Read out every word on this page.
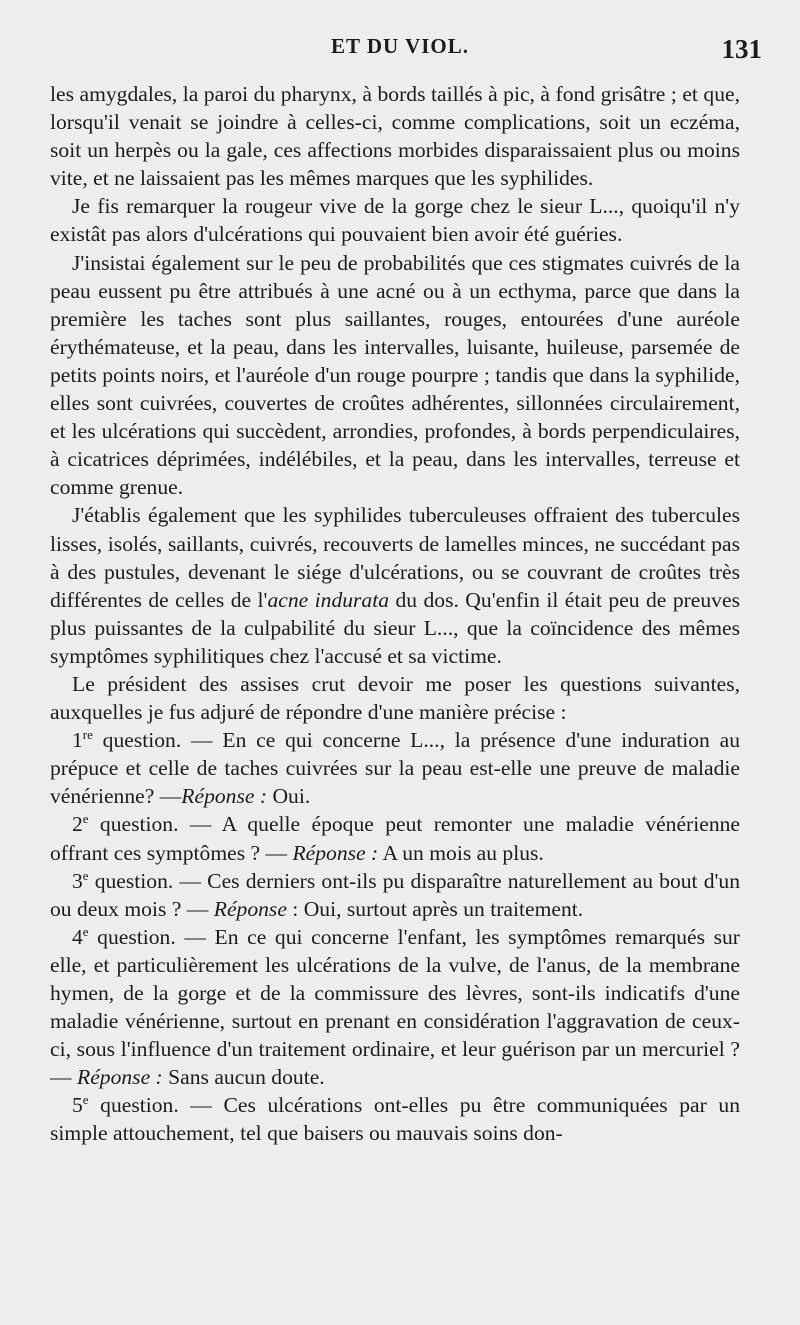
ET DU VIOL.	131

les amygdales, la paroi du pharynx, à bords taillés à pic, à fond grisâtre ; et que, lorsqu'il venait se joindre à celles-ci, comme complications, soit un eczéma, soit un herpès ou la gale, ces affections morbides disparaissaient plus ou moins vite, et ne laissaient pas les mêmes marques que les syphilides.

Je fis remarquer la rougeur vive de la gorge chez le sieur L..., quoiqu'il n'y existât pas alors d'ulcérations qui pouvaient bien avoir été guéries.

J'insistai également sur le peu de probabilités que ces stigmates cuivrés de la peau eussent pu être attribués à une acné ou à un ecthyma, parce que dans la première les taches sont plus saillantes, rouges, entourées d'une auréole érythémateuse, et la peau, dans les intervalles, luisante, huileuse, parsemée de petits points noirs, et l'auréole d'un rouge pourpre ; tandis que dans la syphilide, elles sont cuivrées, couvertes de croûtes adhérentes, sillonnées circulairement, et les ulcérations qui succèdent, arrondies, profondes, à bords perpendiculaires, à cicatrices déprimées, indélébiles, et la peau, dans les intervalles, terreuse et comme grenue.

J'établis également que les syphilides tuberculeuses offraient des tubercules lisses, isolés, saillants, cuivrés, recouverts de lamelles minces, ne succédant pas à des pustules, devenant le siége d'ulcérations, ou se couvrant de croûtes très différentes de celles de l'acne indurata du dos. Qu'enfin il était peu de preuves plus puissantes de la culpabilité du sieur L..., que la coïncidence des mêmes symptômes syphilitiques chez l'accusé et sa victime.

Le président des assises crut devoir me poser les questions suivantes, auxquelles je fus adjuré de répondre d'une manière précise :

1re question. — En ce qui concerne L..., la présence d'une induration au prépuce et celle de taches cuivrées sur la peau est-elle une preuve de maladie vénérienne? —Réponse : Oui.

2e question. — A quelle époque peut remonter une maladie vénérienne offrant ces symptômes ? — Réponse : A un mois au plus.

3e question. — Ces derniers ont-ils pu disparaître naturellement au bout d'un ou deux mois ? — Réponse : Oui, surtout après un traitement.

4e question. — En ce qui concerne l'enfant, les symptômes remarqués sur elle, et particulièrement les ulcérations de la vulve, de l'anus, de la membrane hymen, de la gorge et de la commissure des lèvres, sont-ils indicatifs d'une maladie vénérienne, surtout en prenant en considération l'aggravation de ceux-ci, sous l'influence d'un traitement ordinaire, et leur guérison par un mercuriel ? — Réponse : Sans aucun doute.

5e question. — Ces ulcérations ont-elles pu être communiquées par un simple attouchement, tel que baisers ou mauvais soins don-
